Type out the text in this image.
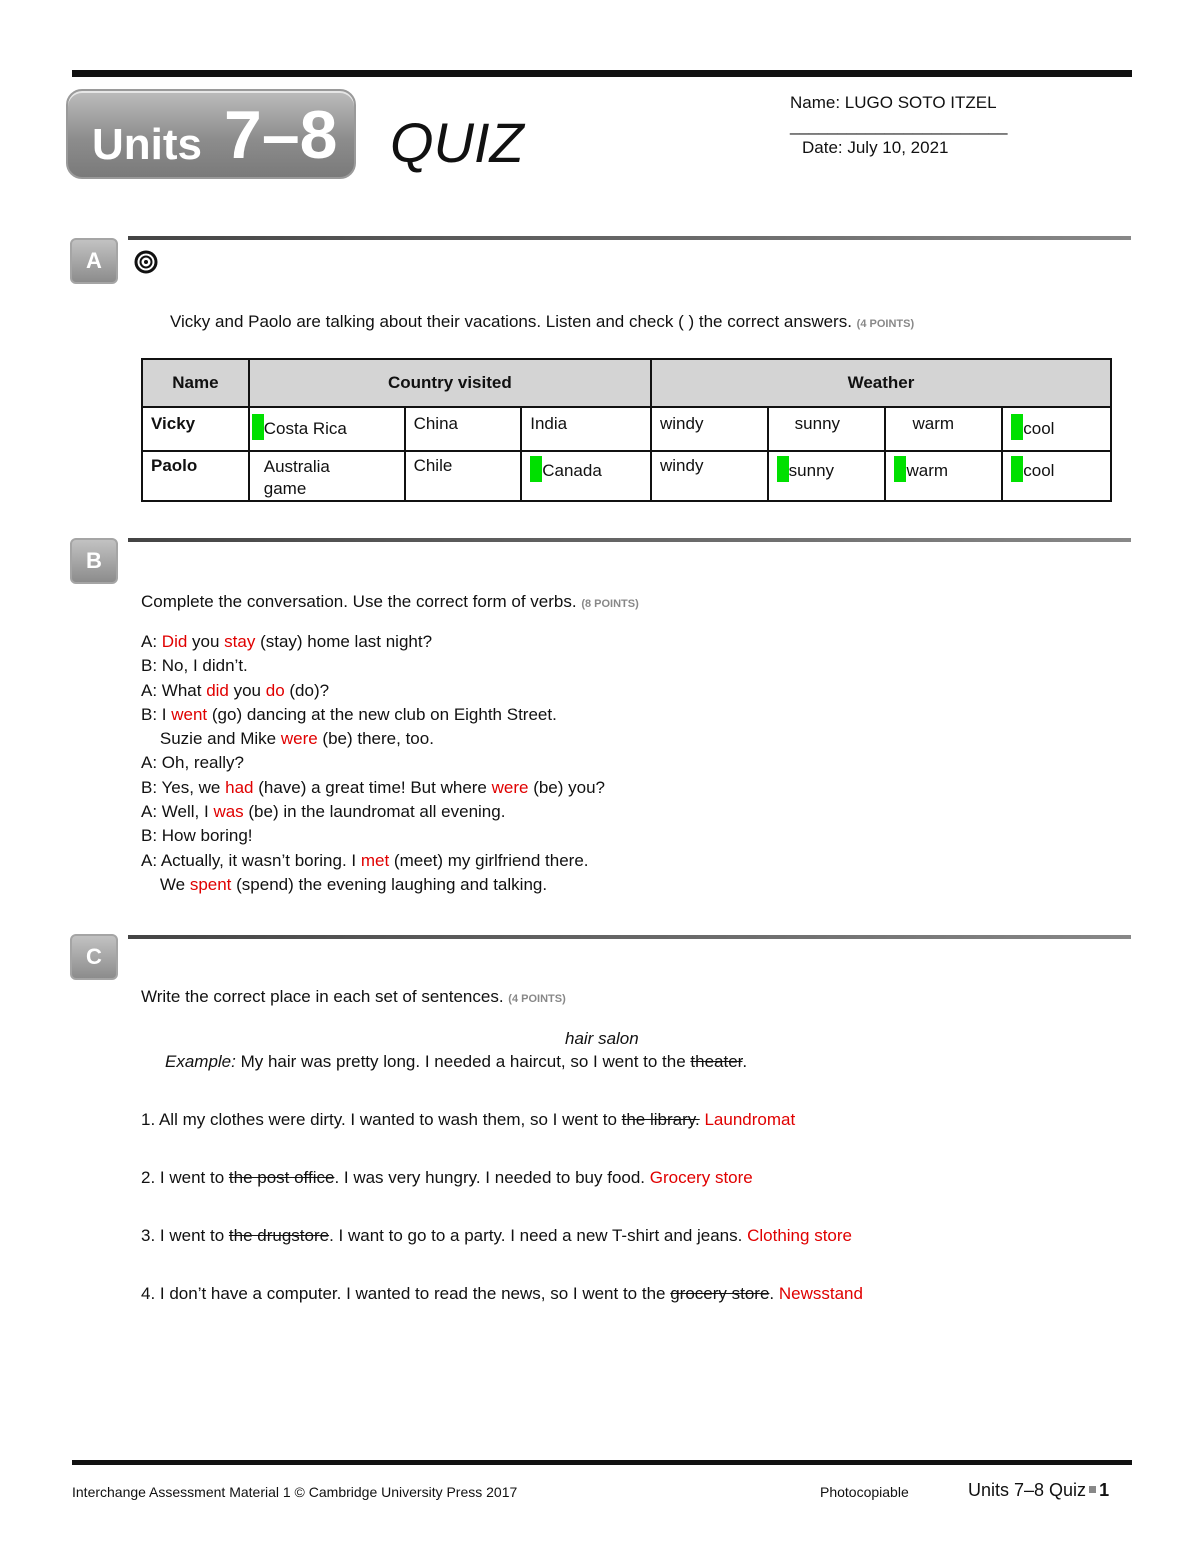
Units 7–8 QUIZ
Name: LUGO SOTO ITZEL
_______________________
Date: July 10, 2021
A
Vicky and Paolo are talking about their vacations. Listen and check ( ) the correct answers. (4 POINTS)
Name	Country visited			Weather			
Vicky	Costa Rica	China	India	windy	sunny	warm	cool
Paolo	Australia game	Chile	Canada	windy	sunny	warm	cool
B
Complete the conversation. Use the correct form of verbs. (8 POINTS)
A: Did you stay (stay) home last night?
B: No, I didn’t.
A: What did you do (do)?
B: I went (go) dancing at the new club on Eighth Street.
Suzie and Mike were (be) there, too.
A: Oh, really?
B: Yes, we had (have) a great time! But where were (be) you?
A: Well, I was (be) in the laundromat all evening.
B: How boring!
A: Actually, it wasn’t boring. I met (meet) my girlfriend there.
We spent (spend) the evening laughing and talking.
C
Write the correct place in each set of sentences. (4 POINTS)
hair salon
Example: My hair was pretty long. I needed a haircut, so I went to the theater.
1. All my clothes were dirty. I wanted to wash them, so I went to the library. Laundromat
2. I went to the post office. I was very hungry. I needed to buy food. Grocery store
3. I went to the drugstore. I want to go to a party. I need a new T-shirt and jeans. Clothing store
4. I don’t have a computer. I wanted to read the news, so I went to the grocery store. Newsstand
Interchange Assessment Material 1 © Cambridge University Press 2017	Photocopiable	Units 7–8 Quiz 1
